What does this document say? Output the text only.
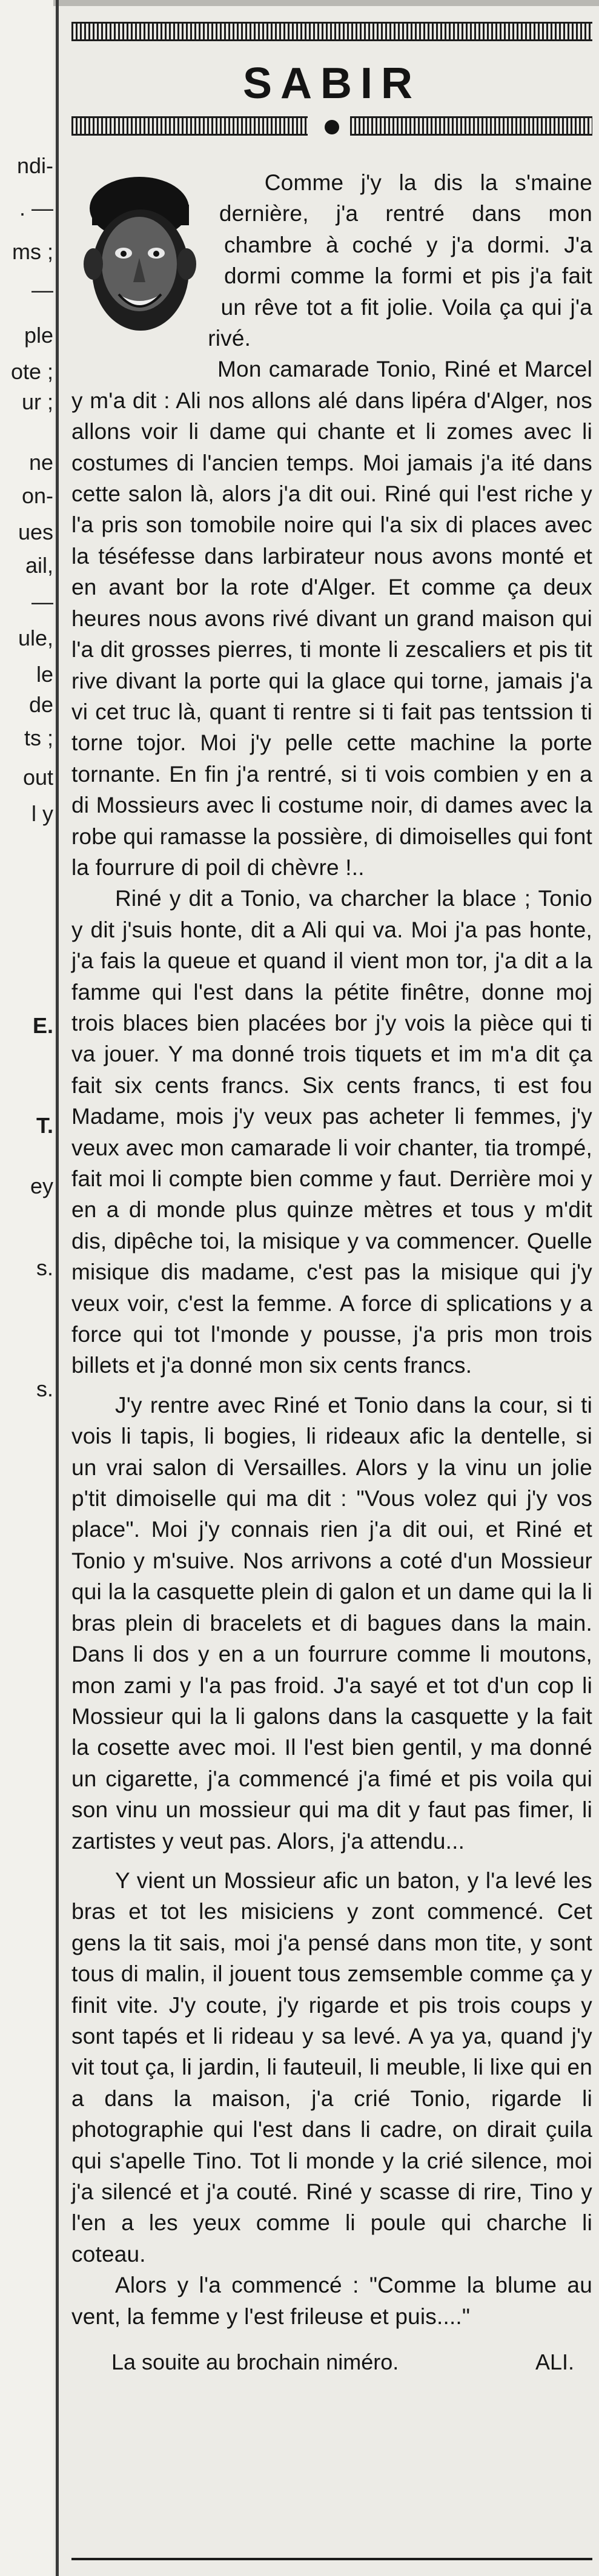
ndi-
. —
ms ;
—
ple
ote ;
ur ;
ne
on-
ues
ail,
—
ule,
le
de
ts ;
out
l y
E.
T.
ey
s.
s.
SABIR

Comme j'y la dis la s'maine dernière, j'a rentré dans mon chambre à coché y j'a dormi. J'a dormi comme la formi et pis j'a fait un rêve tot a fit jolie. Voila ça qui j'a rivé.

Mon camarade Tonio, Riné et Marcel y m'a dit : Ali nos allons alé dans lipéra d'Alger, nos allons voir li dame qui chante et li zomes avec li costumes di l'ancien temps. Moi jamais j'a ité dans cette salon là, alors j'a dit oui. Riné qui l'est riche y l'a pris son tomobile noire qui l'a six di places avec la téséfesse dans larbirateur nous avons monté et en avant bor la rote d'Alger. Et comme ça deux heures nous avons rivé divant un grand maison qui l'a dit grosses pierres, ti monte li zescaliers et pis tit rive divant la porte qui la glace qui torne, jamais j'a vi cet truc là, quant ti rentre si ti fait pas tentssion ti torne tojor. Moi j'y pelle cette machine la porte tornante. En fin j'a rentré, si ti vois combien y en a di Mossieurs avec li costume noir, di dames avec la robe qui ramasse la possière, di dimoiselles qui font la fourrure di poil di chèvre !..

Riné y dit a Tonio, va charcher la blace ; Tonio y dit j'suis honte, dit a Ali qui va. Moi j'a pas honte, j'a fais la queue et quand il vient mon tor, j'a dit a la famme qui l'est dans la pétite finêtre, donne moj trois blaces bien placées bor j'y vois la pièce qui ti va jouer. Y ma donné trois tiquets et im m'a dit ça fait six cents francs. Six cents francs, ti est fou Madame, mois j'y veux pas acheter li femmes, j'y veux avec mon camarade li voir chanter, tia trompé, fait moi li compte bien comme y faut. Derrière moi y en a di monde plus quinze mètres et tous y m'dit dis, dipêche toi, la misique y va commencer. Quelle misique dis madame, c'est pas la misique qui j'y veux voir, c'est la femme. A force di splications y a force qui tot l'monde y pousse, j'a pris mon trois billets et j'a donné mon six cents francs.

J'y rentre avec Riné et Tonio dans la cour, si ti vois li tapis, li bogies, li rideaux afic la dentelle, si un vrai salon di Versailles. Alors y la vinu un jolie p'tit dimoiselle qui ma dit : "Vous volez qui j'y vos place". Moi j'y connais rien j'a dit oui, et Riné et Tonio y m'suive. Nos arrivons a coté d'un Mossieur qui la la casquette plein di galon et un dame qui la li bras plein di bracelets et di bagues dans la main. Dans li dos y en a un fourrure comme li moutons, mon zami y l'a pas froid. J'a sayé et tot d'un cop li Mossieur qui la li galons dans la casquette y la fait la cosette avec moi. Il l'est bien gentil, y ma donné un cigarette, j'a commencé j'a fimé et pis voila qui son vinu un mossieur qui ma dit y faut pas fimer, li zartistes y veut pas. Alors, j'a attendu...

Y vient un Mossieur afic un baton, y l'a levé les bras et tot les misiciens y zont commencé. Cet gens la tit sais, moi j'a pensé dans mon tite, y sont tous di malin, il jouent tous zemsemble comme ça y finit vite. J'y coute, j'y rigarde et pis trois coups y sont tapés et li rideau y sa levé. A ya ya, quand j'y vit tout ça, li jardin, li fauteuil, li meuble, li lixe qui en a dans la maison, j'a crié Tonio, rigarde li photographie qui l'est dans li cadre, on dirait çuila qui s'apelle Tino. Tot li monde y la crié silence, moi j'a silencé et j'a couté. Riné y scasse di rire, Tino y l'en a les yeux comme li poule qui charche li coteau.

Alors y l'a commencé : "Comme la blume au vent, la femme y l'est frileuse et puis...."

La souite au brochain niméro.	ALI.
